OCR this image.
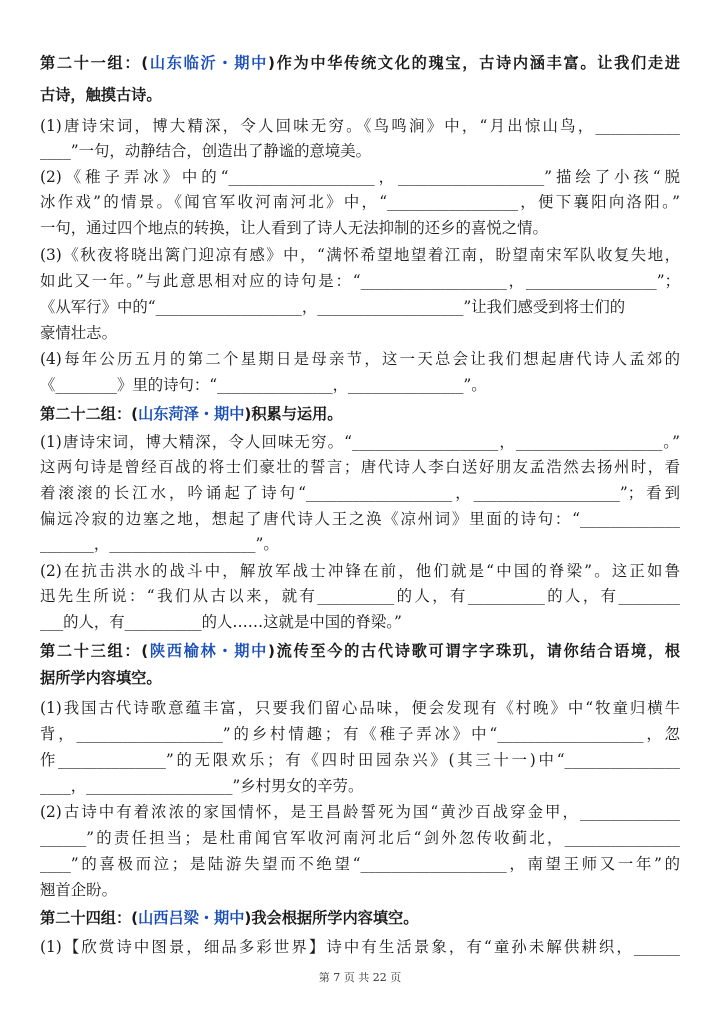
第二十一组：(山东临沂・期中)作为中华传统文化的瑰宝，古诗内涵丰富。让我们走进
古诗，触摸古诗。
(1)唐诗宋词，博大精深，令人回味无穷。《鸟鸣涧》中，“月出惊山鸟，___________
____”一句，动静结合，创造出了静谧的意境美。
(2)《稚子弄冰》中的“___________________，___________________”描绘了小孩“脱
冰作戏”的情景。《闻官军收河南河北》中，“_________________，便下襄阳向洛阳。”
一句，通过四个地点的转换，让人看到了诗人无法抑制的还乡的喜悦之情。
(3)《秋夜将晓出篱门迎凉有感》中，“满怀希望地望着江南，盼望南宋军队收复失地，
如此又一年。”与此意思相对应的诗句是：“___________________，_________________”；
《从军行》中的“___________________，___________________”让我们感受到将士们的
豪情壮志。
(4)每年公历五月的第二个星期日是母亲节，这一天总会让我们想起唐代诗人孟郊的
《________》里的诗句：“_______________，_______________”。
第二十二组：(山东菏泽・期中)积累与运用。
(1)唐诗宋词，博大精深，令人回味无穷。“___________________，___________________。”
这两句诗是曾经百战的将士们豪壮的誓言；唐代诗人李白送好朋友孟浩然去扬州时，看
着滚滚的长江水，吟诵起了诗句“___________________，___________________”；看到
偏远冷寂的边塞之地，想起了唐代诗人王之涣《凉州词》里面的诗句：“_____________
_______，___________________”。
(2)在抗击洪水的战斗中，解放军战士冲锋在前，他们就是“中国的脊梁”。这正如鲁
迅先生所说：“我们从古以来，就有__________的人，有__________的人，有________
___的人，有__________的人……这就是中国的脊梁。”
第二十三组：(陕西榆林・期中)流传至今的古代诗歌可谓字字珠玑，请你结合语境，根
据所学内容填空。
(1)我国古代诗歌意蕴丰富，只要我们留心品味，便会发现有《村晚》中“牧童归横牛
背，___________________”的乡村情趣；有《稚子弄冰》中“___________________，忽
作______________”的无限欢乐；有《四时田园杂兴》(其三十一)中“_______________
____，___________________”乡村男女的辛劳。
(2)古诗中有着浓浓的家国情怀，是王昌龄誓死为国“黄沙百战穿金甲，_____________
______”的责任担当；是杜甫闻官军收河南河北后“剑外忽传收蓟北，_______________
____”的喜极而泣；是陆游失望而不绝望“___________________，南望王师又一年”的
翘首企盼。
第二十四组：(山西吕梁・期中)我会根据所学内容填空。
(1)【欣赏诗中图景，细品多彩世界】诗中有生活景象，有“童孙未解供耕织，______
第 7 页 共 22 页
